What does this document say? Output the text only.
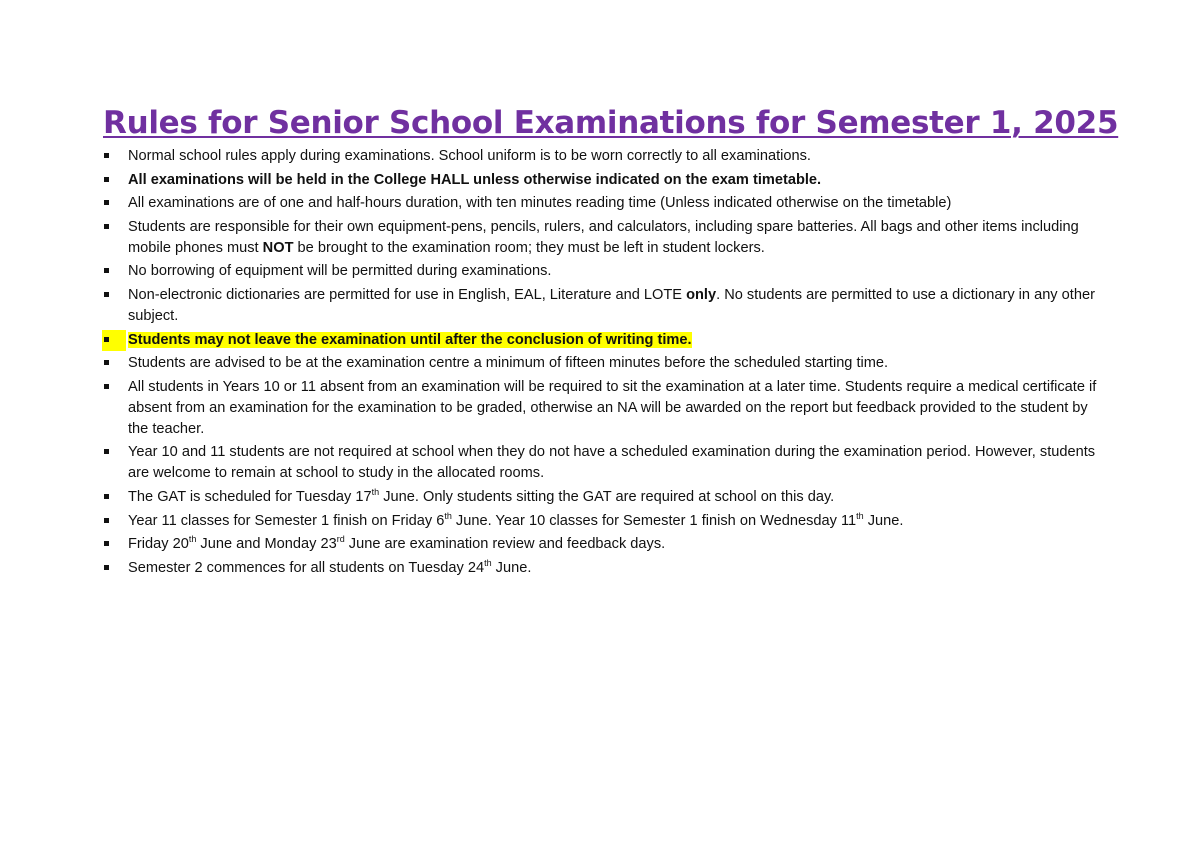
Rules for Senior School Examinations for Semester 1, 2025
Normal school rules apply during examinations. School uniform is to be worn correctly to all examinations.
All examinations will be held in the College HALL unless otherwise indicated on the exam timetable.
All examinations are of one and half-hours duration, with ten minutes reading time (Unless indicated otherwise on the timetable)
Students are responsible for their own equipment-pens, pencils, rulers, and calculators, including spare batteries. All bags and other items including mobile phones must NOT be brought to the examination room; they must be left in student lockers.
No borrowing of equipment will be permitted during examinations.
Non-electronic dictionaries are permitted for use in English, EAL, Literature and LOTE only. No students are permitted to use a dictionary in any other subject.
Students may not leave the examination until after the conclusion of writing time.
Students are advised to be at the examination centre a minimum of fifteen minutes before the scheduled starting time.
All students in Years 10 or 11 absent from an examination will be required to sit the examination at a later time. Students require a medical certificate if absent from an examination for the examination to be graded, otherwise an NA will be awarded on the report but feedback provided to the student by the teacher.
Year 10 and 11 students are not required at school when they do not have a scheduled examination during the examination period. However, students are welcome to remain at school to study in the allocated rooms.
The GAT is scheduled for Tuesday 17th June. Only students sitting the GAT are required at school on this day.
Year 11 classes for Semester 1 finish on Friday 6th June. Year 10 classes for Semester 1 finish on Wednesday 11th June.
Friday 20th June and Monday 23rd June are examination review and feedback days.
Semester 2 commences for all students on Tuesday 24th June.
